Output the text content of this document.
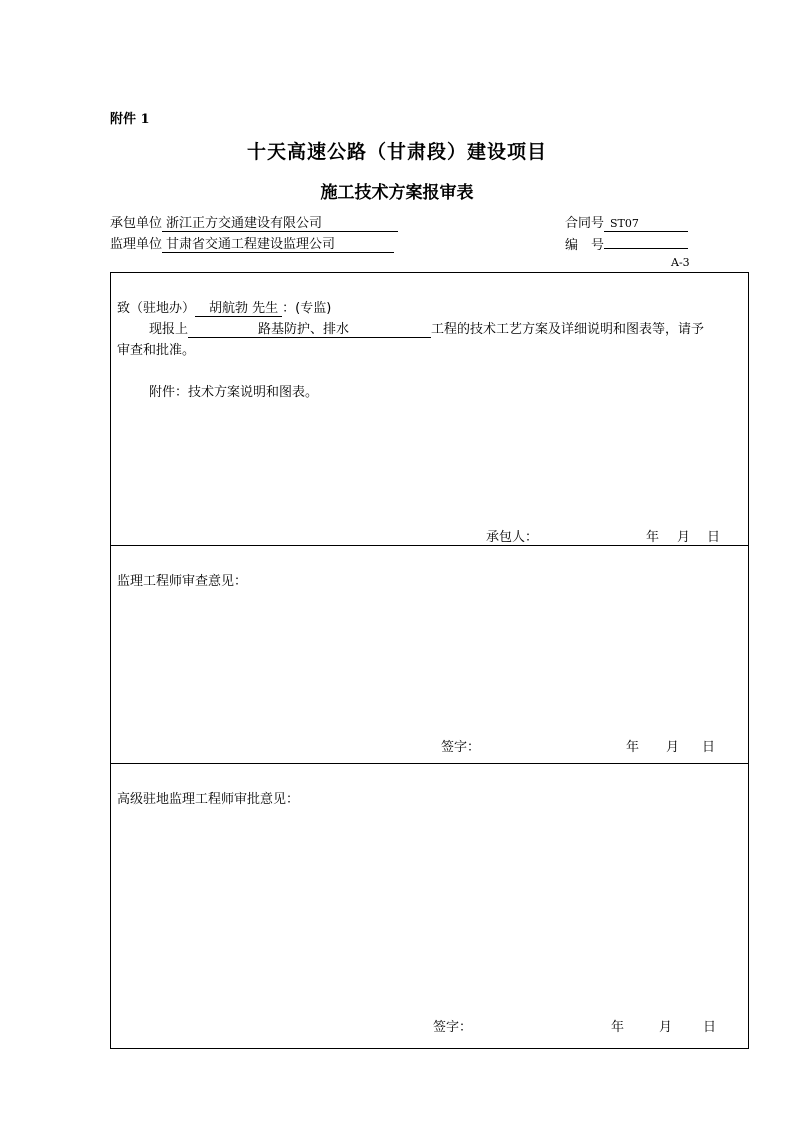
附件 1
十天高速公路（甘肃段）建设项目
施工技术方案报审表
承包单位 浙江正方交通建设有限公司
监理单位 甘肃省交通工程建设监理公司
合同号 ST07
编　号
A-3
致（驻地办） 胡航勃 先生 ：(专监)
现报上	路基防护、排水	工程的技术工艺方案及详细说明和图表等，请予
审查和批准。
附件：技术方案说明和图表。
承包人：	年 月 日

监理工程师审查意见：
签字：	年 月 日

高级驻地监理工程师审批意见：
签字：	年	月 日
